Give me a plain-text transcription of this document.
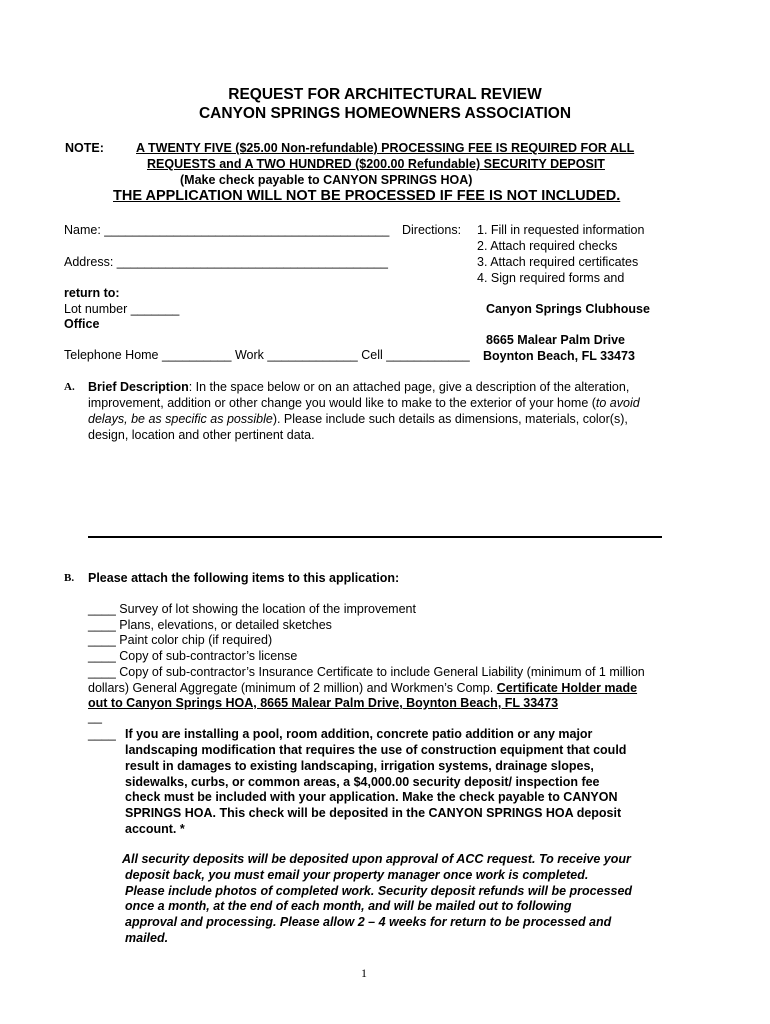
REQUEST FOR ARCHITECTURAL REVIEW
CANYON SPRINGS HOMEOWNERS ASSOCIATION
NOTE:	A TWENTY FIVE ($25.00 Non-refundable) PROCESSING FEE IS REQUIRED FOR ALL
REQUESTS and A TWO HUNDRED ($200.00 Refundable) SECURITY DEPOSIT
(Make check payable to CANYON SPRINGS HOA)
THE APPLICATION WILL NOT BE PROCESSED IF FEE IS NOT INCLUDED.
Name: _________________________________________
Address: _______________________________________
return to:
Lot number _______
Office
Telephone Home __________ Work _____________ Cell ____________
Directions: 1. Fill in requested information
2. Attach required checks
3. Attach required certificates
4. Sign required forms and
Canyon Springs Clubhouse
8665 Malear Palm Drive
Boynton Beach, FL 33473
A. Brief Description: In the space below or on an attached page, give a description of the alteration,
improvement, addition or other change you would like to make to the exterior of your home (to avoid
delays, be as specific as possible). Please include such details as dimensions, materials, color(s),
design, location and other pertinent data.
B. Please attach the following items to this application:
____ Survey of lot showing the location of the improvement
____ Plans, elevations, or detailed sketches
____ Paint color chip (if required)
____ Copy of sub-contractor’s license
____ Copy of sub-contractor’s Insurance Certificate to include General Liability (minimum of 1 million
dollars) General Aggregate (minimum of 2 million) and Workmen’s Comp. Certificate Holder made
out to Canyon Springs HOA, 8665 Malear Palm Drive, Boynton Beach, FL 33473
__
____ If you are installing a pool, room addition, concrete patio addition or any major
landscaping modification that requires the use of construction equipment that could
result in damages to existing landscaping, irrigation systems, drainage slopes,
sidewalks, curbs, or common areas, a $4,000.00 security deposit/ inspection fee
check must be included with your application. Make the check payable to CANYON
SPRINGS HOA. This check will be deposited in the CANYON SPRINGS HOA deposit
account. *
All security deposits will be deposited upon approval of ACC request. To receive your
deposit back, you must email your property manager once work is completed.
Please include photos of completed work. Security deposit refunds will be processed
once a month, at the end of each month, and will be mailed out to following
approval and processing. Please allow 2 – 4 weeks for return to be processed and
mailed.
1
